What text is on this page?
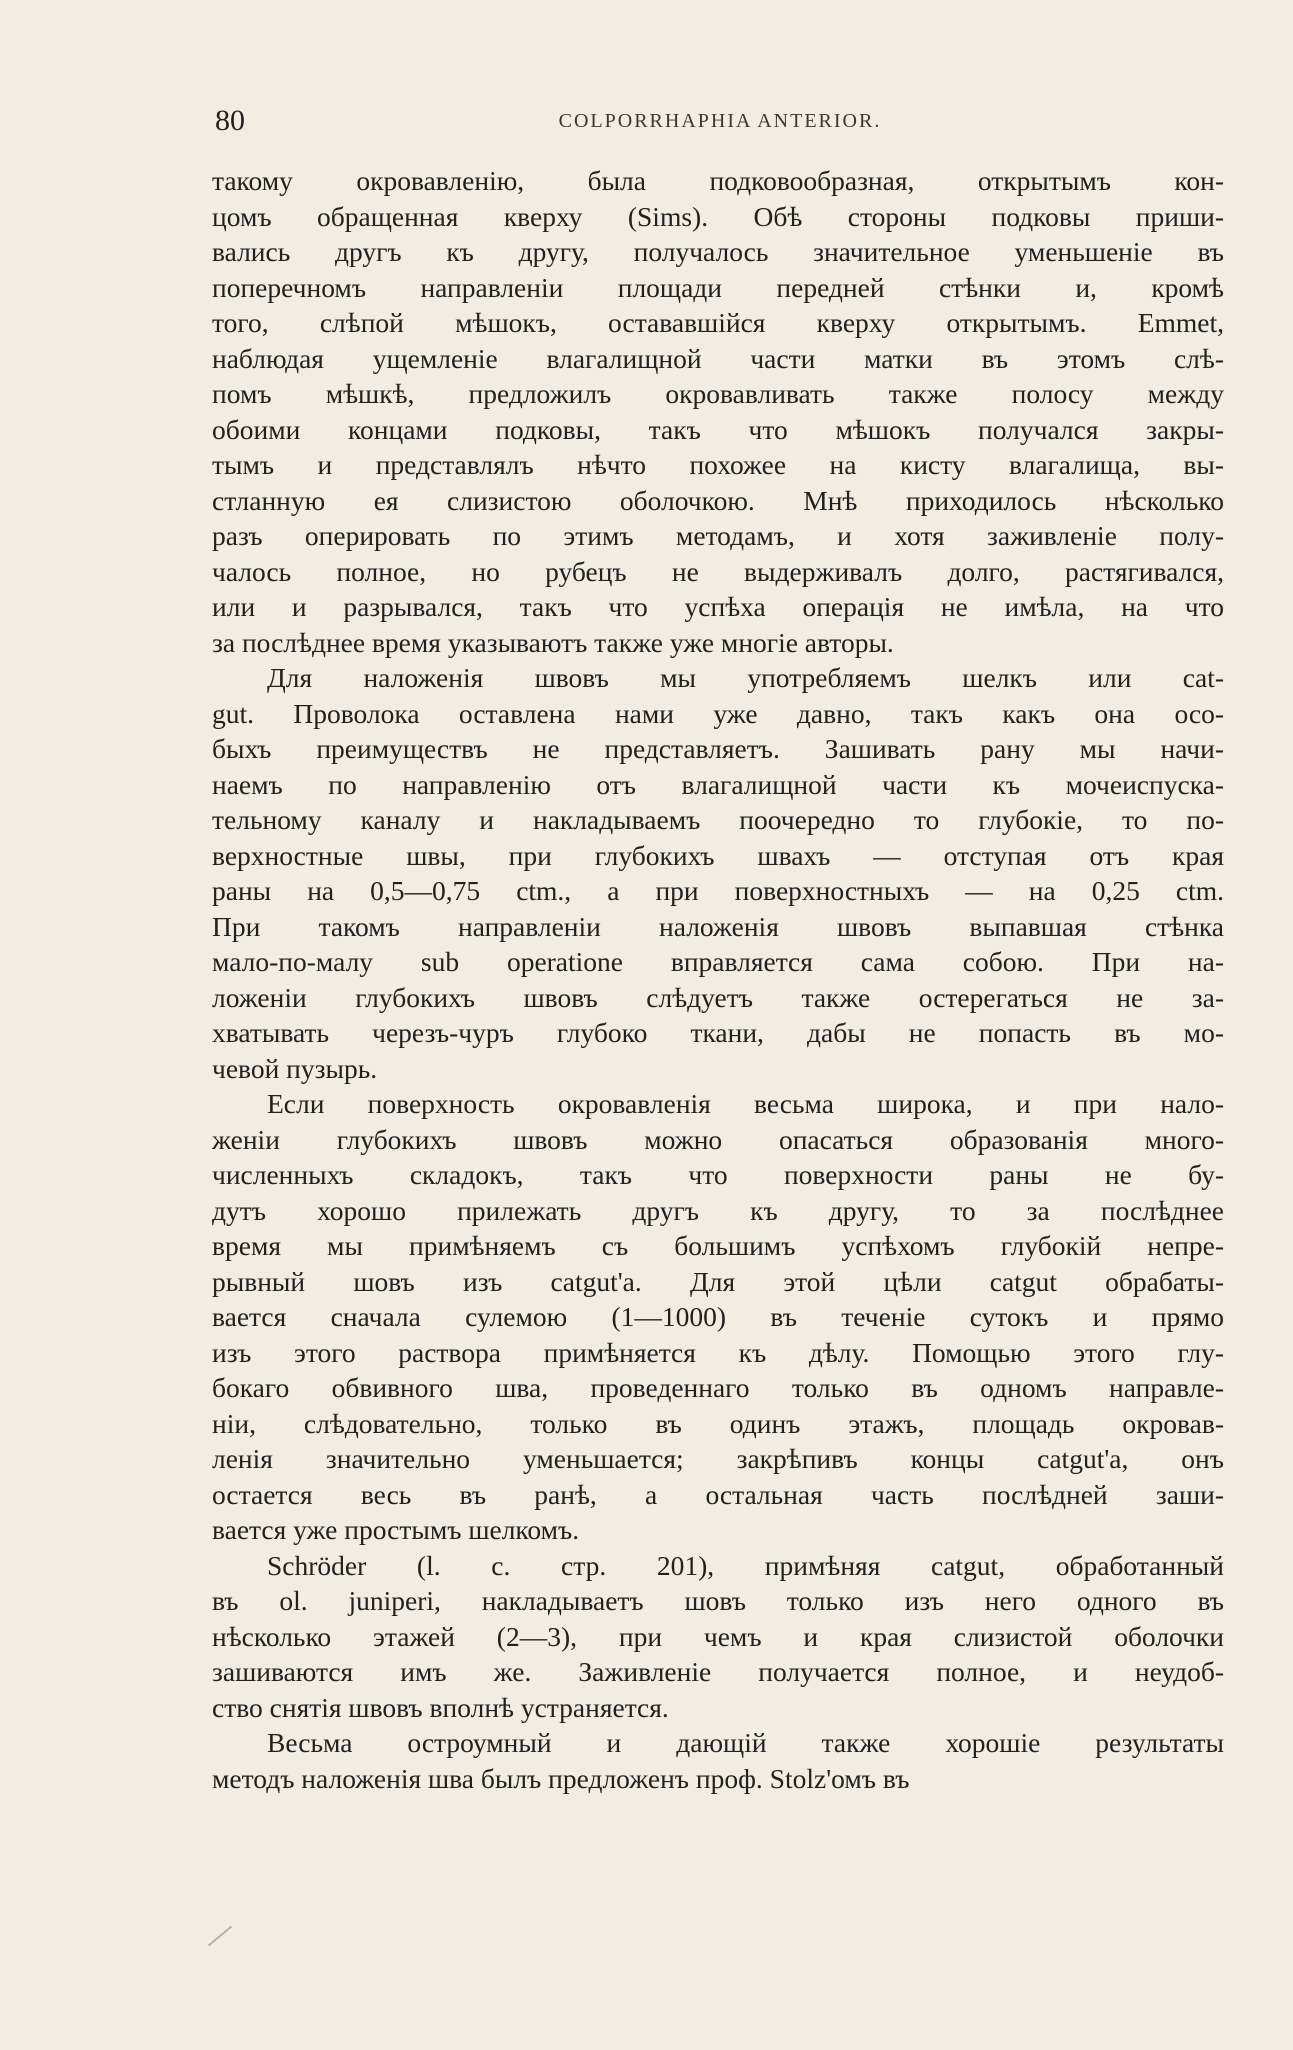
80	COLPORRHAPHIA ANTERIOR.
такому окровавленію, была подковообразная, открытымъ кон-
цомъ обращенная кверху (Sims). Обѣ стороны подковы приши-
вались другъ къ другу, получалось значительное уменьшеніе въ
поперечномъ направленіи площади передней стѣнки и, кромѣ
того, слѣпой мѣшокъ, остававшійся кверху открытымъ. Emmet,
наблюдая ущемленіе влагалищной части матки въ этомъ слѣ-
помъ мѣшкѣ, предложилъ окровавливать также полосу между
обоими концами подковы, такъ что мѣшокъ получался закры-
тымъ и представлялъ нѣчто похожее на кисту влагалища, вы-
стланную ея слизистою оболочкою. Мнѣ приходилось нѣсколько
разъ оперировать по этимъ методамъ, и хотя заживленіе полу-
чалось полное, но рубецъ не выдерживалъ долго, растягивался,
или и разрывался, такъ что успѣха операція не имѣла, на что
за послѣднее время указываютъ также уже многіе авторы.
Для наложенія швовъ мы употребляемъ шелкъ или cat-
gut. Проволока оставлена нами уже давно, такъ какъ она осо-
быхъ преимуществъ не представляетъ. Зашивать рану мы начи-
наемъ по направленію отъ влагалищной части къ мочеиспуска-
тельному каналу и накладываемъ поочередно то глубокіе, то по-
верхностные швы, при глубокихъ швахъ — отступая отъ края
раны на 0,5—0,75 ctm., а при поверхностныхъ — на 0,25 ctm.
При такомъ направленіи наложенія швовъ выпавшая стѣнка
мало-по-малу sub operatione вправляется сама собою. При на-
ложеніи глубокихъ швовъ слѣдуетъ также остерегаться не за-
хватывать черезъ-чуръ глубоко ткани, дабы не попасть въ мо-
чевой пузырь.
Если поверхность окровавленія весьма широка, и при нало-
женіи глубокихъ швовъ можно опасаться образованія много-
численныхъ складокъ, такъ что поверхности раны не бу-
дутъ хорошо прилежать другъ къ другу, то за послѣднее
время мы примѣняемъ съ большимъ успѣхомъ глубокій непре-
рывный шовъ изъ catgut'а. Для этой цѣли catgut обрабаты-
вается сначала сулемою (1—1000) въ теченіе сутокъ и прямо
изъ этого раствора примѣняется къ дѣлу. Помощью этого глу-
бокаго обвивного шва, проведеннаго только въ одномъ направле-
ніи, слѣдовательно, только въ одинъ этажъ, площадь окровав-
ленія значительно уменьшается; закрѣпивъ концы catgut'а, онъ
остается весь въ ранѣ, а остальная часть послѣдней заши-
вается уже простымъ шелкомъ.
Schröder (l. c. стр. 201), примѣняя catgut, обработанный
въ ol. juniperi, накладываетъ шовъ только изъ него одного въ
нѣсколько этажей (2—3), при чемъ и края слизистой оболочки
зашиваются имъ же. Заживленіе получается полное, и неудоб-
ство снятія швовъ вполнѣ устраняется.
Весьма остроумный и дающій также хорошіе результаты
методъ наложенія шва былъ предложенъ проф. Stolz'омъ въ
